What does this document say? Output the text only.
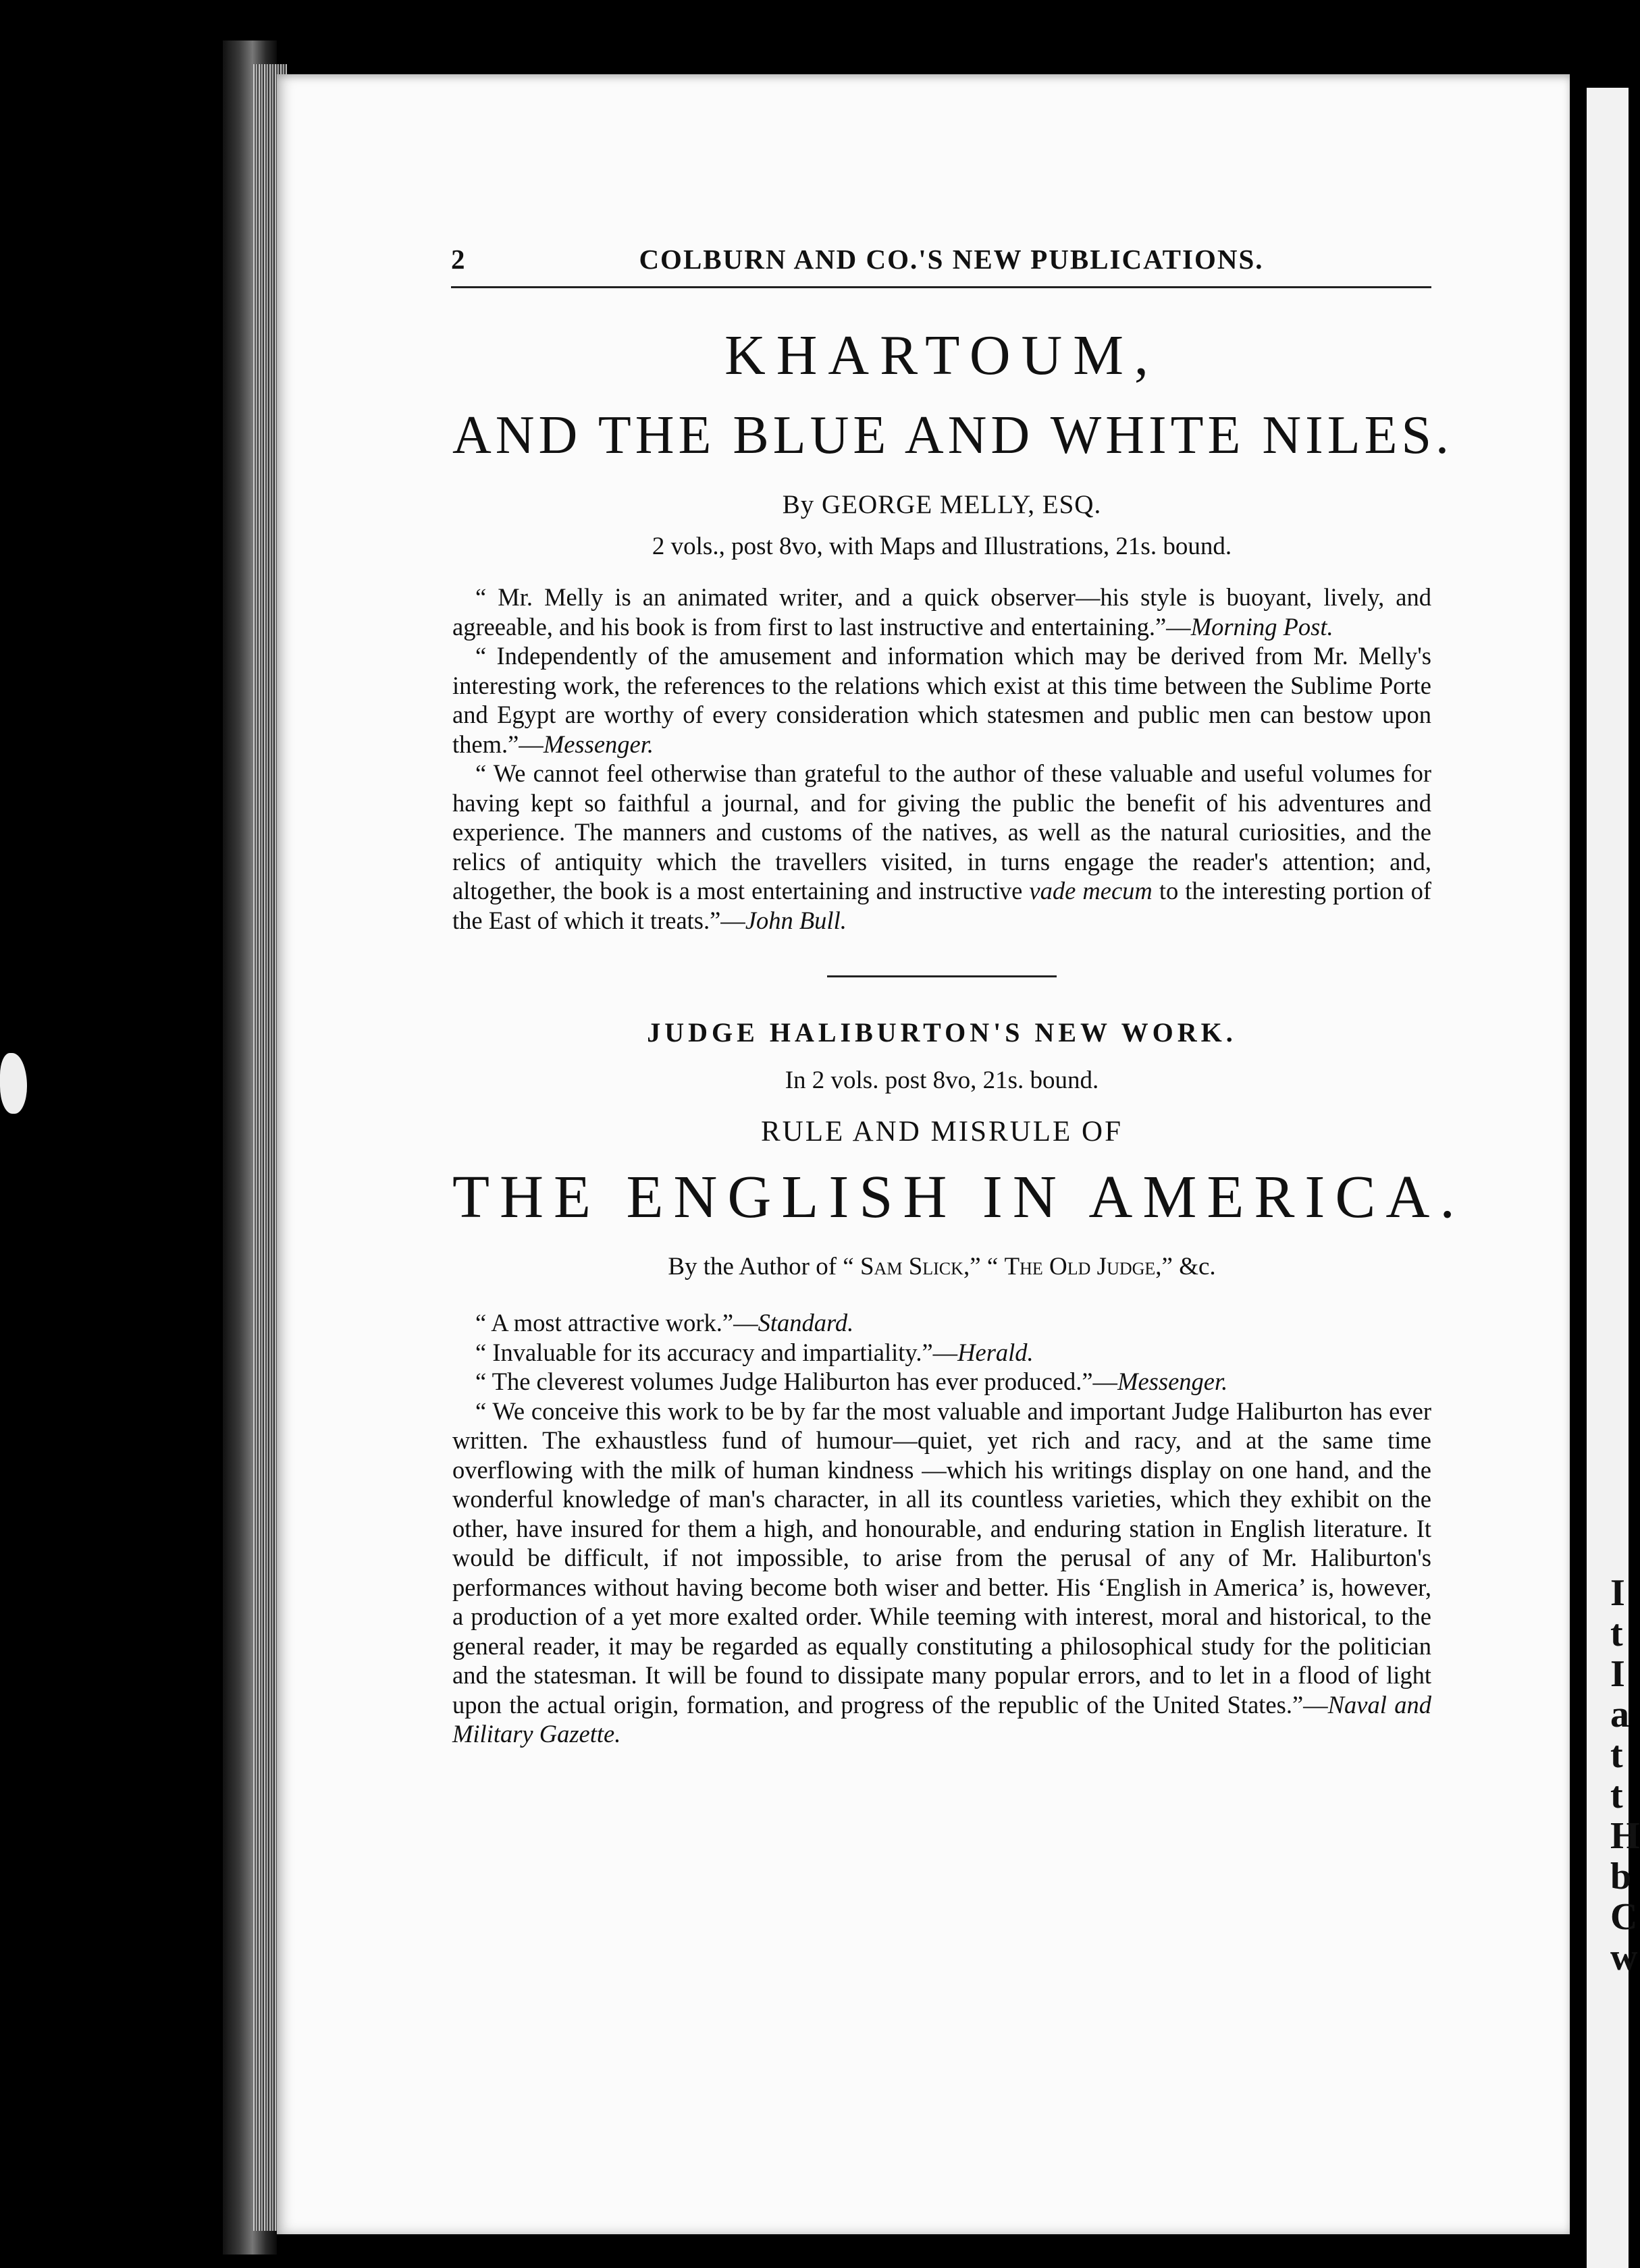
I
t
I
a
t
t
H
b
C
w
2	COLBURN AND CO.'S NEW PUBLICATIONS.
KHARTOUM,
AND THE BLUE AND WHITE NILES.
By GEORGE MELLY, ESQ.
2 vols., post 8vo, with Maps and Illustrations, 21s. bound.

“ Mr. Melly is an animated writer, and a quick observer—his style is buoyant, lively, and agreeable, and his book is from first to last instructive and entertaining.”—Morning Post.

“ Independently of the amusement and information which may be derived from Mr. Melly's interesting work, the references to the relations which exist at this time between the Sublime Porte and Egypt are worthy of every consideration which statesmen and public men can bestow upon them.”—Messenger.

“ We cannot feel otherwise than grateful to the author of these valuable and useful volumes for having kept so faithful a journal, and for giving the public the benefit of his adventures and experience. The manners and customs of the natives, as well as the natural curiosities, and the relics of antiquity which the travellers visited, in turns engage the reader's attention; and, altogether, the book is a most entertaining and instructive vade mecum to the interesting portion of the East of which it treats.”—John Bull.

JUDGE HALIBURTON'S NEW WORK.
In 2 vols. post 8vo, 21s. bound.
RULE AND MISRULE OF
THE ENGLISH IN AMERICA.
By the Author of “ Sam Slick,” “ The Old Judge,” &c.

“ A most attractive work.”—Standard.

“ Invaluable for its accuracy and impartiality.”—Herald.

“ The cleverest volumes Judge Haliburton has ever produced.”—Messenger.

“ We conceive this work to be by far the most valuable and important Judge Haliburton has ever written. The exhaustless fund of humour—quiet, yet rich and racy, and at the same time overflowing with the milk of human kindness —which his writings display on one hand, and the wonderful knowledge of man's character, in all its countless varieties, which they exhibit on the other, have insured for them a high, and honourable, and enduring station in English literature. It would be difficult, if not impossible, to arise from the perusal of any of Mr. Haliburton's performances without having become both wiser and better. His ‘English in America’ is, however, a production of a yet more exalted order. While teeming with interest, moral and historical, to the general reader, it may be regarded as equally constituting a philosophical study for the politician and the statesman. It will be found to dissipate many popular errors, and to let in a flood of light upon the actual origin, formation, and progress of the republic of the United States.”—Naval and Military Gazette.
